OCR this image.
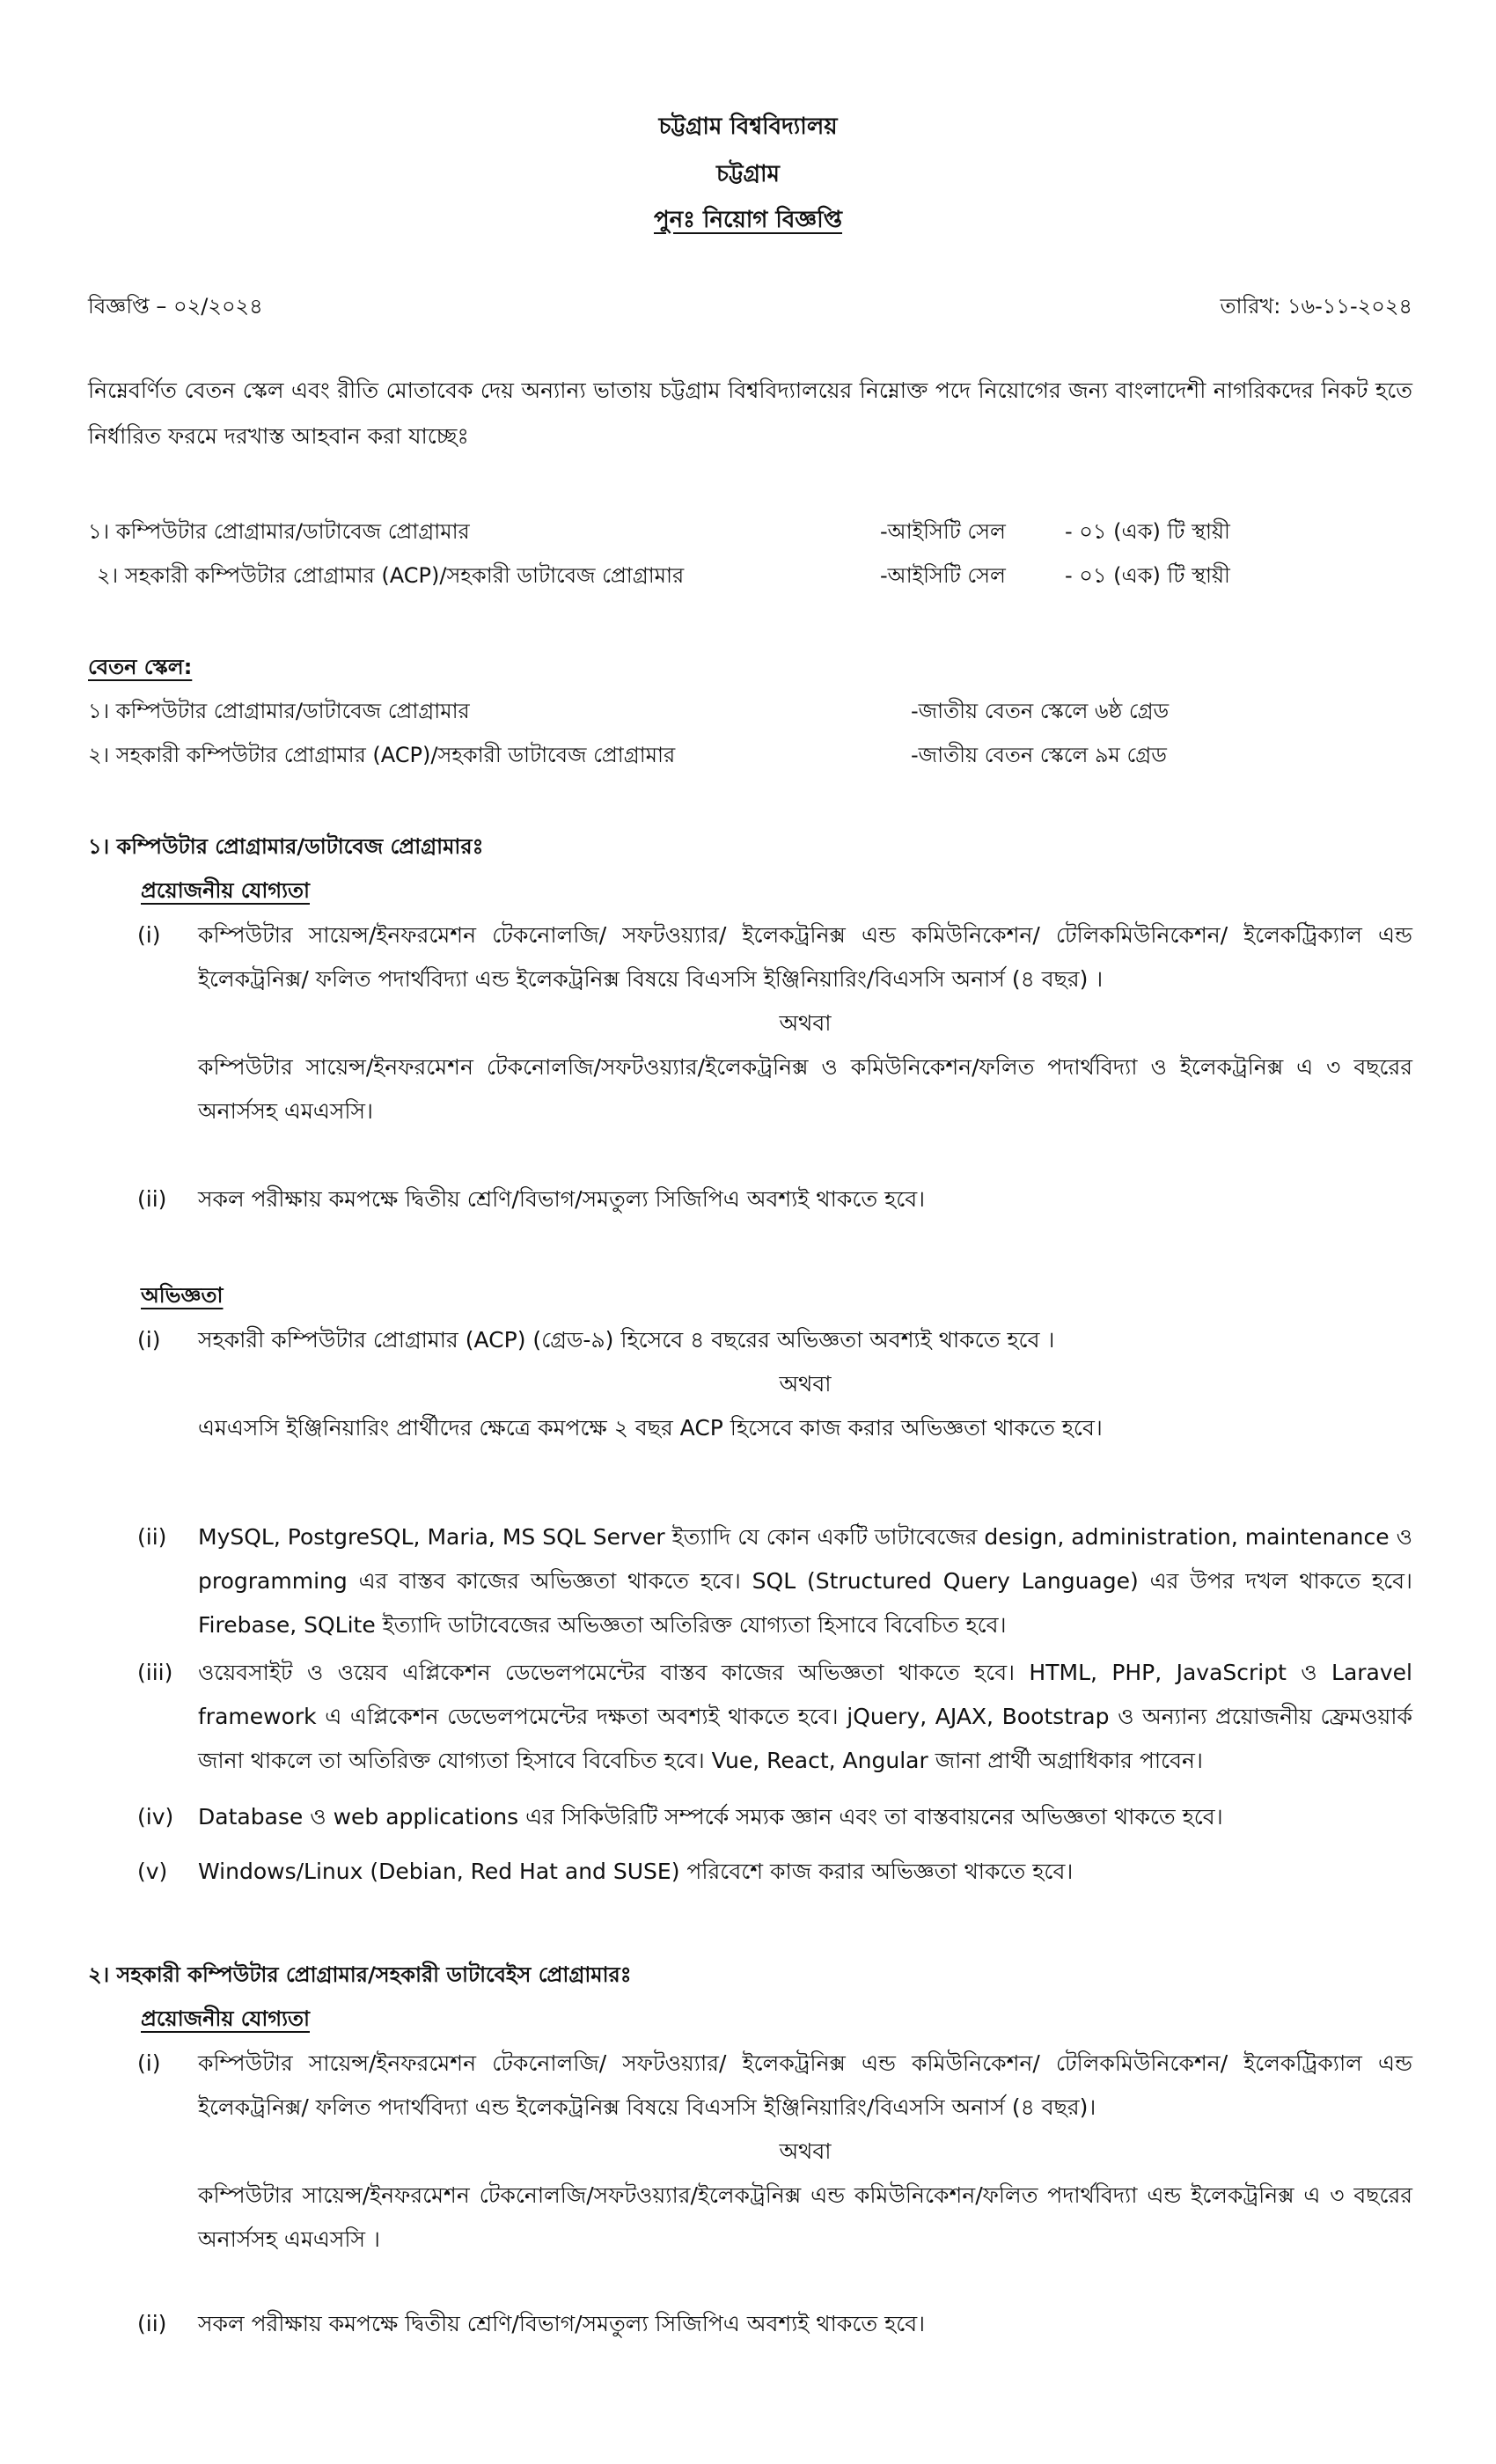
চট্টগ্রাম বিশ্ববিদ্যালয়
চট্টগ্রাম
পুনঃ নিয়োগ বিজ্ঞপ্তি
বিজ্ঞপ্তি – ০২/২০২৪	তারিখ: ১৬-১১-২০২৪
নিম্নেবর্ণিত বেতন স্কেল এবং রীতি মোতাবেক দেয় অন্যান্য ভাতায় চট্টগ্রাম বিশ্ববিদ্যালয়ের নিম্নোক্ত পদে নিয়োগের জন্য বাংলাদেশী নাগরিকদের নিকট হতে নির্ধারিত ফরমে দরখাস্ত আহবান করা যাচ্ছেঃ
১। কম্পিউটার প্রোগ্রামার/ডাটাবেজ প্রোগ্রামার	-আইসিটি সেল	- ০১ (এক) টি স্থায়ী
২। সহকারী কম্পিউটার প্রোগ্রামার (ACP)/সহকারী ডাটাবেজ প্রোগ্রামার	-আইসিটি সেল	- ০১ (এক) টি স্থায়ী
বেতন স্কেল:
১। কম্পিউটার প্রোগ্রামার/ডাটাবেজ প্রোগ্রামার	-জাতীয় বেতন স্কেলে ৬ষ্ঠ গ্রেড
২। সহকারী কম্পিউটার প্রোগ্রামার (ACP)/সহকারী ডাটাবেজ প্রোগ্রামার	-জাতীয় বেতন স্কেলে ৯ম গ্রেড
১। কম্পিউটার প্রোগ্রামার/ডাটাবেজ প্রোগ্রামারঃ
প্রয়োজনীয় যোগ্যতা
(i)	কম্পিউটার সায়েন্স/ইনফরমেশন টেকনোলজি/ সফটওয়্যার/ ইলেকট্রনিক্স এন্ড কমিউনিকেশন/ টেলিকমিউনিকেশন/ ইলেকট্রিক্যাল এন্ড ইলেকট্রনিক্স/ ফলিত পদার্থবিদ্যা এন্ড ইলেকট্রনিক্স বিষয়ে বিএসসি ইঞ্জিনিয়ারিং/বিএসসি অনার্স (৪ বছর) ।
অথবা
কম্পিউটার সায়েন্স/ইনফরমেশন টেকনোলজি/সফটওয়্যার/ইলেকট্রনিক্স ও কমিউনিকেশন/ফলিত পদার্থবিদ্যা ও ইলেকট্রনিক্স এ ৩ বছরের অনার্সসহ এমএসসি।
(ii)	সকল পরীক্ষায় কমপক্ষে দ্বিতীয় শ্রেণি/বিভাগ/সমতুল্য সিজিপিএ অবশ্যই থাকতে হবে।
অভিজ্ঞতা
(i)	সহকারী কম্পিউটার প্রোগ্রামার (ACP) (গ্রেড-৯) হিসেবে ৪ বছরের অভিজ্ঞতা অবশ্যই থাকতে হবে ।
অথবা
এমএসসি ইঞ্জিনিয়ারিং প্রার্থীদের ক্ষেত্রে কমপক্ষে ২ বছর ACP হিসেবে কাজ করার অভিজ্ঞতা থাকতে হবে।
(ii)	MySQL, PostgreSQL, Maria, MS SQL Server ইত্যাদি যে কোন একটি ডাটাবেজের design, administration, maintenance ও programming এর বাস্তব কাজের অভিজ্ঞতা থাকতে হবে। SQL (Structured Query Language) এর উপর দখল থাকতে হবে। Firebase, SQLite ইত্যাদি ডাটাবেজের অভিজ্ঞতা অতিরিক্ত যোগ্যতা হিসাবে বিবেচিত হবে।
(iii)	ওয়েবসাইট ও ওয়েব এপ্লিকেশন ডেভেলপমেন্টের বাস্তব কাজের অভিজ্ঞতা থাকতে হবে। HTML, PHP, JavaScript ও Laravel framework এ এপ্লিকেশন ডেভেলপমেন্টের দক্ষতা অবশ্যই থাকতে হবে। jQuery, AJAX, Bootstrap ও অন্যান্য প্রয়োজনীয় ফ্রেমওয়ার্ক জানা থাকলে তা অতিরিক্ত যোগ্যতা হিসাবে বিবেচিত হবে। Vue, React, Angular জানা প্রার্থী অগ্রাধিকার পাবেন।
(iv)	Database ও web applications এর সিকিউরিটি সম্পর্কে সম্যক জ্ঞান এবং তা বাস্তবায়নের অভিজ্ঞতা থাকতে হবে।
(v)	Windows/Linux (Debian, Red Hat and SUSE) পরিবেশে কাজ করার অভিজ্ঞতা থাকতে হবে।
২। সহকারী কম্পিউটার প্রোগ্রামার/সহকারী ডাটাবেইস প্রোগ্রামারঃ
প্রয়োজনীয় যোগ্যতা
(i)	কম্পিউটার সায়েন্স/ইনফরমেশন টেকনোলজি/ সফটওয়্যার/ ইলেকট্রনিক্স এন্ড কমিউনিকেশন/ টেলিকমিউনিকেশন/ ইলেকট্রিক্যাল এন্ড ইলেকট্রনিক্স/ ফলিত পদার্থবিদ্যা এন্ড ইলেকট্রনিক্স বিষয়ে বিএসসি ইঞ্জিনিয়ারিং/বিএসসি অনার্স (৪ বছর)।
অথবা
কম্পিউটার সায়েন্স/ইনফরমেশন টেকনোলজি/সফটওয়্যার/ইলেকট্রনিক্স এন্ড কমিউনিকেশন/ফলিত পদার্থবিদ্যা এন্ড ইলেকট্রনিক্স এ ৩ বছরের অনার্সসহ এমএসসি ।
(ii)	সকল পরীক্ষায় কমপক্ষে দ্বিতীয় শ্রেণি/বিভাগ/সমতুল্য সিজিপিএ অবশ্যই থাকতে হবে।
